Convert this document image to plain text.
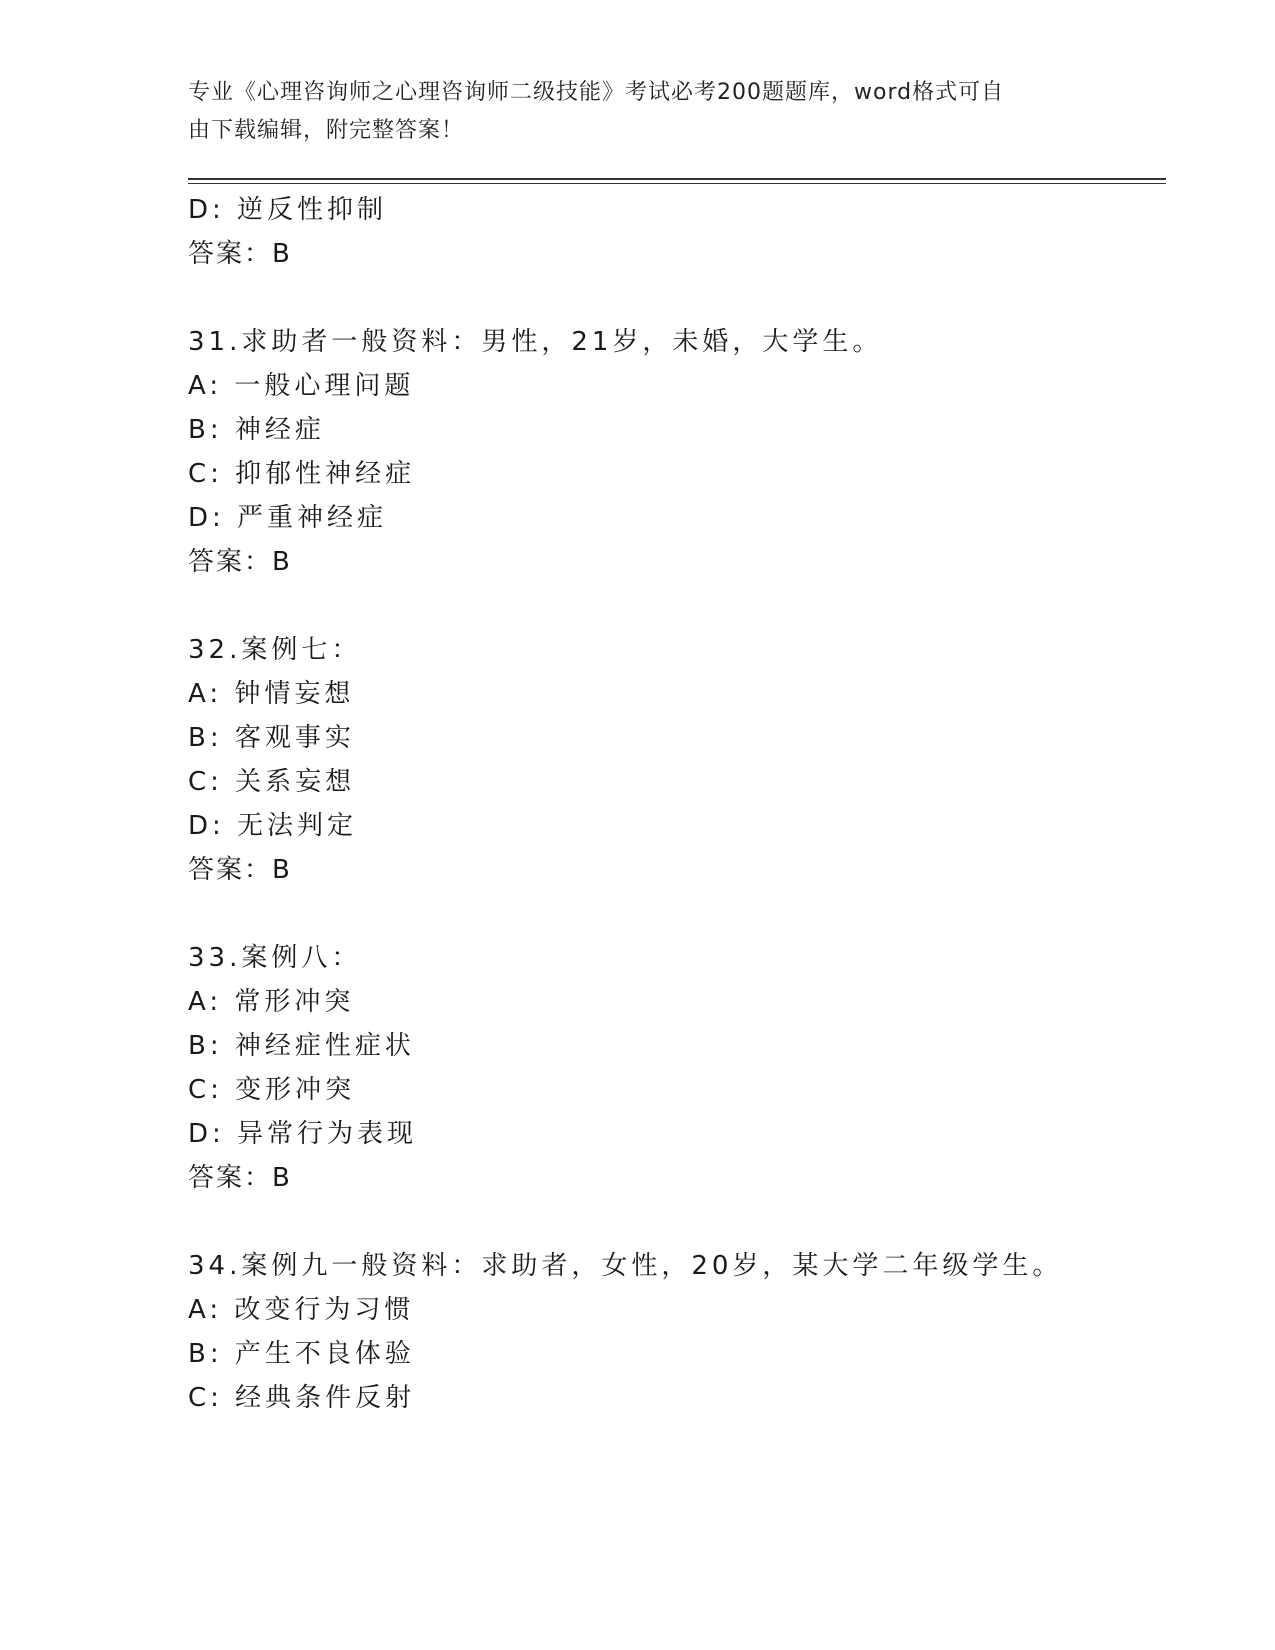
专业《心理咨询师之心理咨询师二级技能》考试必考200题题库，word格式可自
由下载编辑，附完整答案！
D: 逆反性抑制
答案：B
31.求助者一般资料：男性，21岁，未婚，大学生。
A: 一般心理问题
B: 神经症
C: 抑郁性神经症
D: 严重神经症
答案：B
32.案例七：
A: 钟情妄想
B: 客观事实
C: 关系妄想
D: 无法判定
答案：B
33.案例八：
A: 常形冲突
B: 神经症性症状
C: 变形冲突
D: 异常行为表现
答案：B
34.案例九一般资料：求助者，女性，20岁，某大学二年级学生。
A: 改变行为习惯
B: 产生不良体验
C: 经典条件反射
